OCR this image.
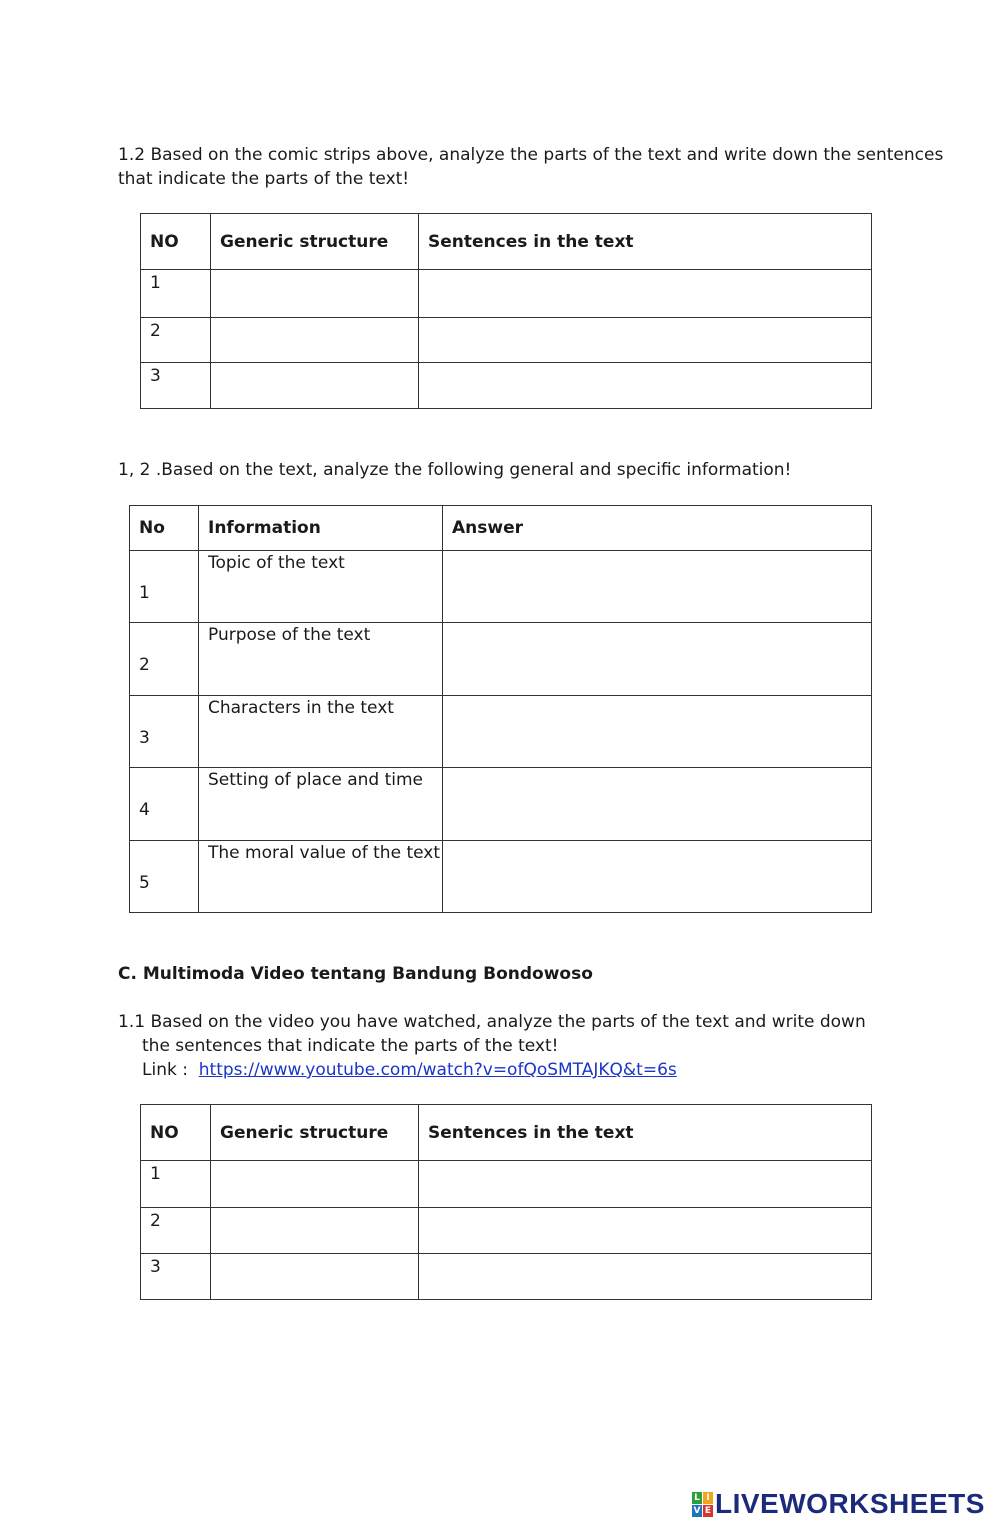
1.2 Based on the comic strips above, analyze the parts of the text and write down the sentences
that indicate the parts of the text!
NO	Generic structure	Sentences in the text
1		
2		
3		
1, 2 .Based on the text, analyze the following general and specific information!
No	Information	Answer
1	Topic of the text	
2	Purpose of the text	
3	Characters in the text	
4	Setting of place and time	
5	The moral value of the text	
C. Multimoda Video tentang Bandung Bondowoso
1.1 Based on the video you have watched, analyze the parts of the text and write down
the sentences that indicate the parts of the text!
Link : https://www.youtube.com/watch?v=ofQoSMTAJKQ&t=6s
NO	Generic structure	Sentences in the text
1		
2		
3		
L I
V E LIVEWORKSHEETS
